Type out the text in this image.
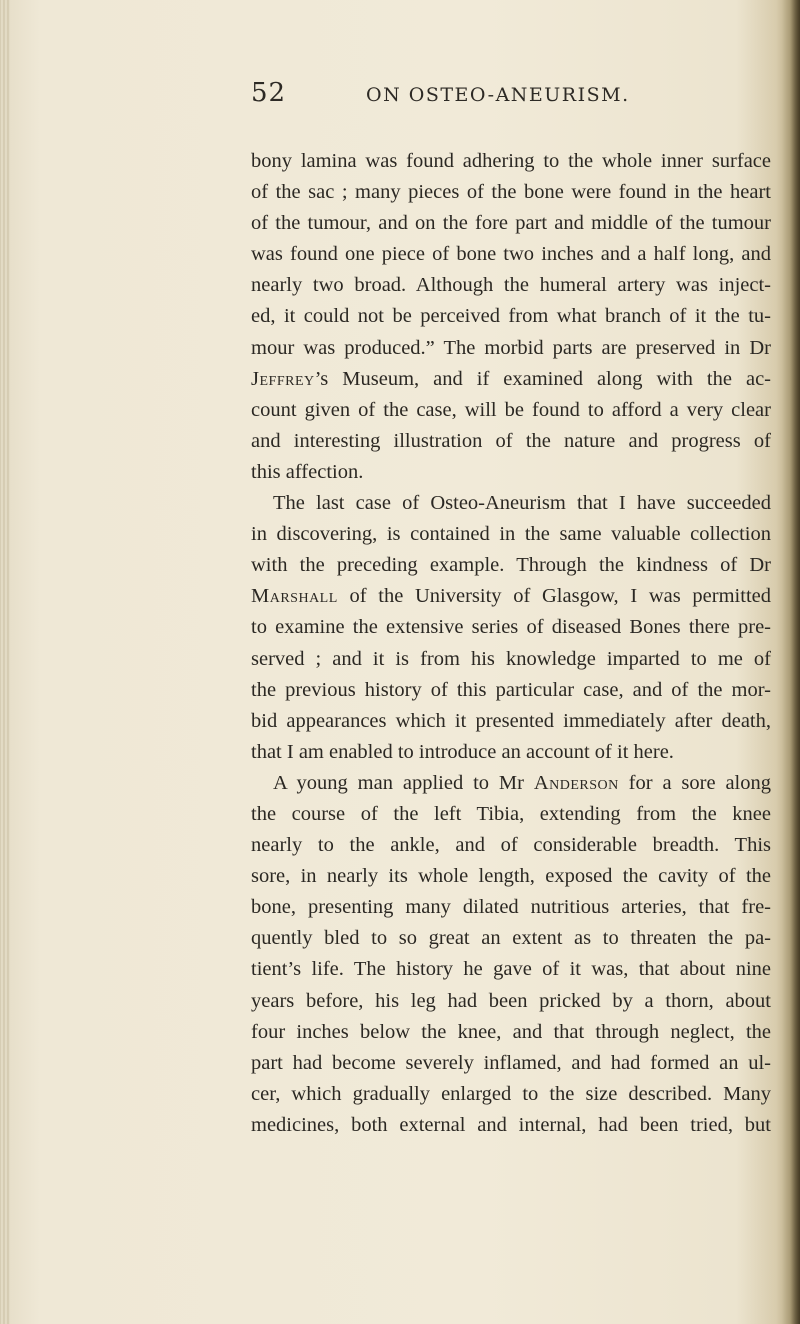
52	ON OSTEO-ANEURISM.
bony lamina was found adhering to the whole inner surface
of the sac ; many pieces of the bone were found in the heart
of the tumour, and on the fore part and middle of the tumour
was found one piece of bone two inches and a half long, and
nearly two broad. Although the humeral artery was inject-
ed, it could not be perceived from what branch of it the tu-
mour was produced.” The morbid parts are preserved in Dr
Jeffrey’s Museum, and if examined along with the ac-
count given of the case, will be found to afford a very clear
and interesting illustration of the nature and progress of
this affection.
The last case of Osteo-Aneurism that I have succeeded
in discovering, is contained in the same valuable collection
with the preceding example. Through the kindness of Dr
Marshall of the University of Glasgow, I was permitted
to examine the extensive series of diseased Bones there pre-
served ; and it is from his knowledge imparted to me of
the previous history of this particular case, and of the mor-
bid appearances which it presented immediately after death,
that I am enabled to introduce an account of it here.
A young man applied to Mr Anderson for a sore along
the course of the left Tibia, extending from the knee
nearly to the ankle, and of considerable breadth. This
sore, in nearly its whole length, exposed the cavity of the
bone, presenting many dilated nutritious arteries, that fre-
quently bled to so great an extent as to threaten the pa-
tient’s life. The history he gave of it was, that about nine
years before, his leg had been pricked by a thorn, about
four inches below the knee, and that through neglect, the
part had become severely inflamed, and had formed an ul-
cer, which gradually enlarged to the size described. Many
medicines, both external and internal, had been tried, but
